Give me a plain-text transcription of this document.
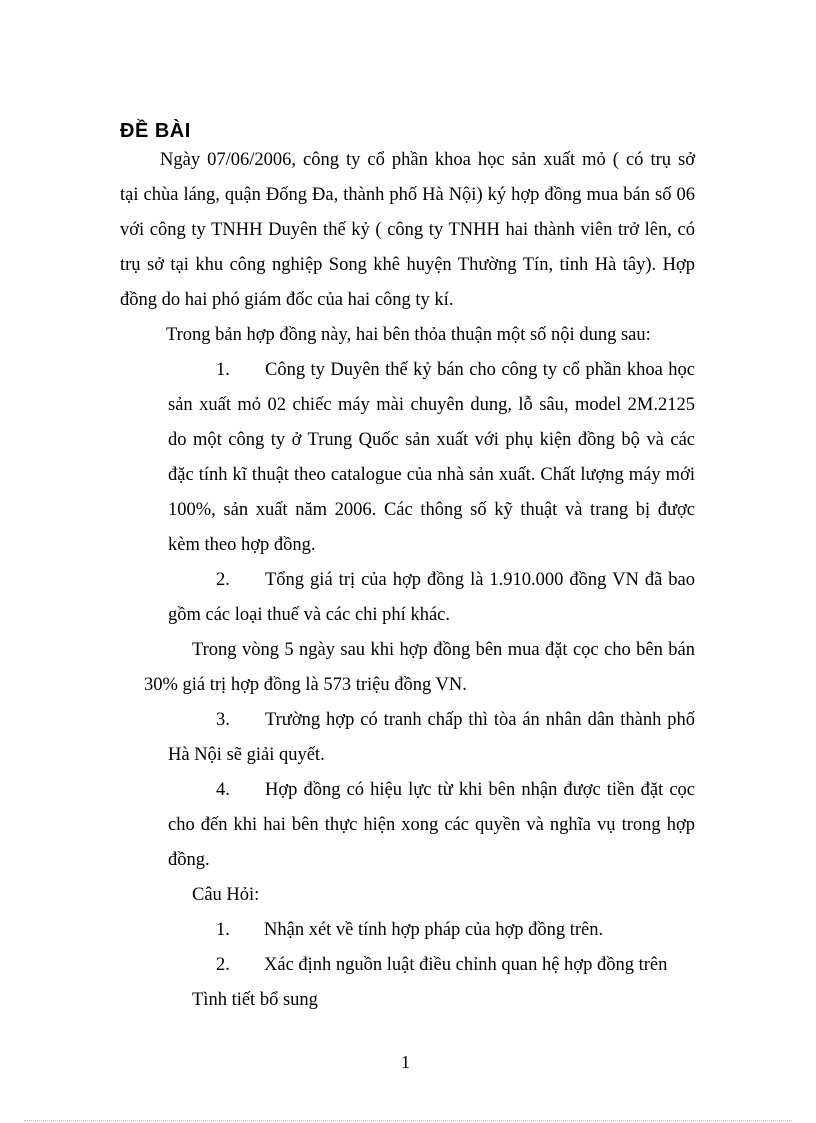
ĐỀ BÀI
Ngày 07/06/2006, công ty cổ phần khoa học sản xuất mỏ ( có trụ sở
tại chùa láng, quận Đống Đa, thành phố Hà Nội) ký hợp đồng mua bán số 06
với công ty TNHH Duyên thế kỷ ( công ty TNHH hai thành viên trở lên, có
trụ sở tại khu công nghiệp Song khê huyện Thường Tín, tỉnh Hà tây). Hợp
đồng do hai phó giám đốc của hai công ty kí.
Trong bản hợp đồng này, hai bên thỏa thuận một số nội dung sau:
1. Công ty Duyên thế kỷ bán cho công ty cổ phần khoa học
sản xuất mỏ 02 chiếc máy mài chuyên dung, lỗ sâu, model 2M.2125
do một công ty ở Trung Quốc sản xuất với phụ kiện đồng bộ và các
đặc tính kĩ thuật theo catalogue của nhà sản xuất. Chất lượng máy mới
100%, sản xuất năm 2006. Các thông số kỹ thuật và trang bị được
kèm theo hợp đồng.
2. Tổng giá trị của hợp đồng là 1.910.000 đồng VN đã bao
gồm các loại thuế và các chi phí khác.
Trong vòng 5 ngày sau khi hợp đồng bên mua đặt cọc cho bên bán
30% giá trị hợp đồng là 573 triệu đồng VN.
3. Trường hợp có tranh chấp thì tòa án nhân dân thành phố
Hà Nội sẽ giải quyết.
4. Hợp đồng có hiệu lực từ khi bên nhận được tiền đặt cọc
cho đến khi hai bên thực hiện xong các quyền và nghĩa vụ trong hợp
đồng.
Câu Hỏi:
1. Nhận xét về tính hợp pháp của hợp đồng trên.
2. Xác định nguồn luật điều chỉnh quan hệ hợp đồng trên
Tình tiết bổ sung
1
